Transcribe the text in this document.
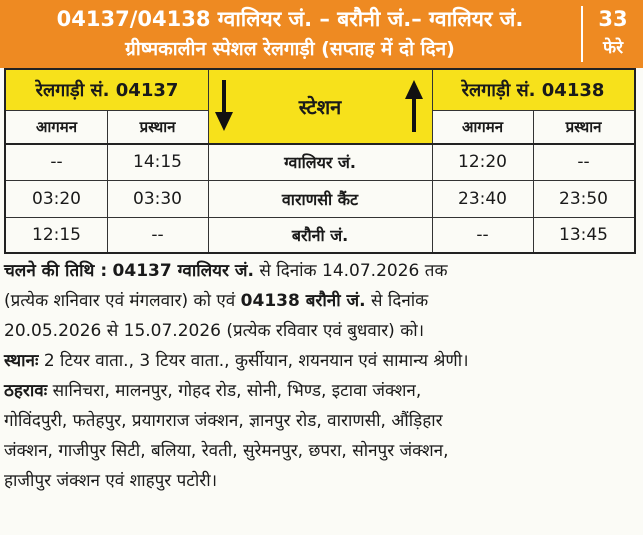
04137/04138 ग्वालियर जं. – बरौनी जं.– ग्वालियर जं.
ग्रीष्मकालीन स्पेशल रेलगाड़ी (सप्ताह में दो दिन)
33
फेरे
रेलगाड़ी सं. 04137
स्टेशन
रेलगाड़ी सं. 04138
आगमन	प्रस्थान	आगमन	प्रस्थान
--	14:15	ग्वालियर जं.	12:20	--
03:20	03:30	वाराणसी कैंट	23:40	23:50
12:15	--	बरौनी जं.	--	13:45
चलने की तिथि : 04137 ग्वालियर जं. से दिनांक 14.07.2026 तक
(प्रत्येक शनिवार एवं मंगलवार) को एवं 04138 बरौनी जं. से दिनांक
20.05.2026 से 15.07.2026 (प्रत्येक रविवार एवं बुधवार) को।
स्थानः 2 टियर वाता., 3 टियर वाता., कुर्सीयान, शयनयान एवं सामान्य श्रेणी।
ठहरावः सानिचरा, मालनपुर, गोहद रोड, सोनी, भिण्ड, इटावा जंक्शन,
गोविंदपुरी, फतेहपुर, प्रयागराज जंक्शन, ज्ञानपुर रोड, वाराणसी, औंड़िहार
जंक्शन, गाजीपुर सिटी, बलिया, रेवती, सुरेमनपुर, छपरा, सोनपुर जंक्शन,
हाजीपुर जंक्शन एवं शाहपुर पटोरी।
